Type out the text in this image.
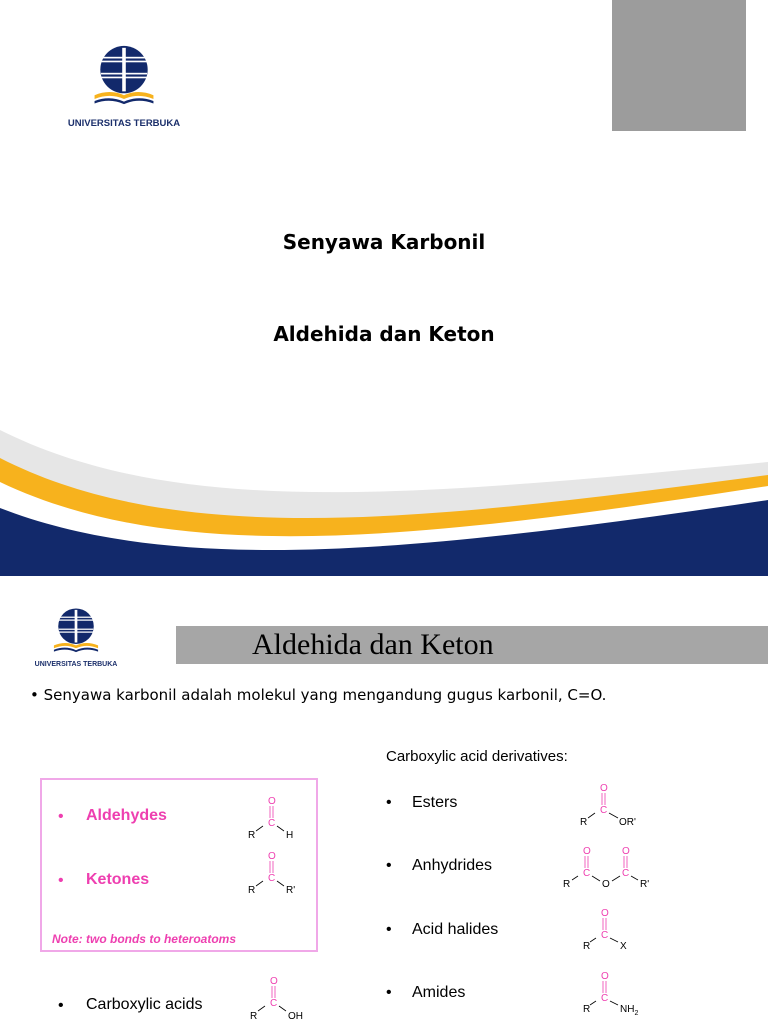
UNIVERSITAS TERBUKA
Senyawa Karbonil
Aldehida dan Keton
UNIVERSITAS TERBUKA
Aldehida dan Keton
• Senyawa karbonil adalah molekul yang mengandung gugus karbonil, C=O.
• Aldehydes
• Ketones
Note: two bonds to heteroatoms
• Carboxylic acids
Carboxylic acid derivatives:
• Esters
• Anhydrides
• Acid halides
• Amides
O
C
R	H
O
C
R	R'
O
C
R	OH
O
C
R	OR'
O
C
R	O
O
C
R'
O
C
R	X
O
C
R	$NH_2$
